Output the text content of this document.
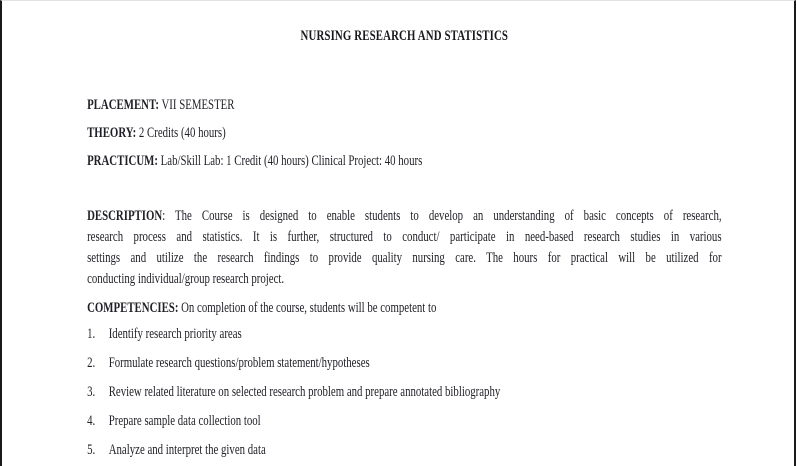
NURSING RESEARCH AND STATISTICS
PLACEMENT: VII SEMESTER
THEORY: 2 Credits (40 hours)
PRACTICUM: Lab/Skill Lab: 1 Credit (40 hours) Clinical Project: 40 hours
DESCRIPTION: The Course is designed to enable students to develop an understanding of basic concepts of research,
research process and statistics. It is further, structured to conduct/ participate in need-based research studies in various
settings and utilize the research findings to provide quality nursing care. The hours for practical will be utilized for
conducting individual/group research project.
COMPETENCIES: On completion of the course, students will be competent to
1. Identify research priority areas
2. Formulate research questions/problem statement/hypotheses
3. Review related literature on selected research problem and prepare annotated bibliography
4. Prepare sample data collection tool
5. Analyze and interpret the given data
